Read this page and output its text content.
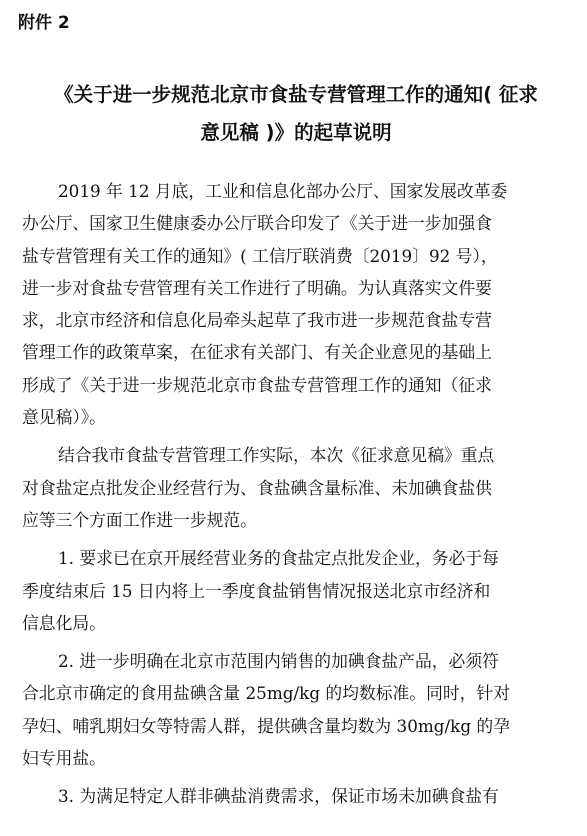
附件 2

《关于进一步规范北京市食盐专营管理工作的通知( 征求
意见稿 )》的起草说明
2019 年 12 月底，工业和信息化部办公厅、国家发展改革委
办公厅、国家卫生健康委办公厅联合印发了《关于进一步加强食
盐专营管理有关工作的通知》( 工信厅联消费〔2019〕92 号），
进一步对食盐专营管理有关工作进行了明确。为认真落实文件要
求，北京市经济和信息化局牵头起草了我市进一步规范食盐专营
管理工作的政策草案，在征求有关部门、有关企业意见的基础上
形成了《关于进一步规范北京市食盐专营管理工作的通知（征求
意见稿）》。
结合我市食盐专营管理工作实际，本次《征求意见稿》重点
对食盐定点批发企业经营行为、食盐碘含量标准、未加碘食盐供
应等三个方面工作进一步规范。
1. 要求已在京开展经营业务的食盐定点批发企业，务必于每
季度结束后 15 日内将上一季度食盐销售情况报送北京市经济和
信息化局。
2. 进一步明确在北京市范围内销售的加碘食盐产品，必须符
合北京市确定的食用盐碘含量 25mg/kg 的均数标准。同时，针对
孕妇、哺乳期妇女等特需人群，提供碘含量均数为 30mg/kg 的孕
妇专用盐。
3. 为满足特定人群非碘盐消费需求，保证市场未加碘食盐有
